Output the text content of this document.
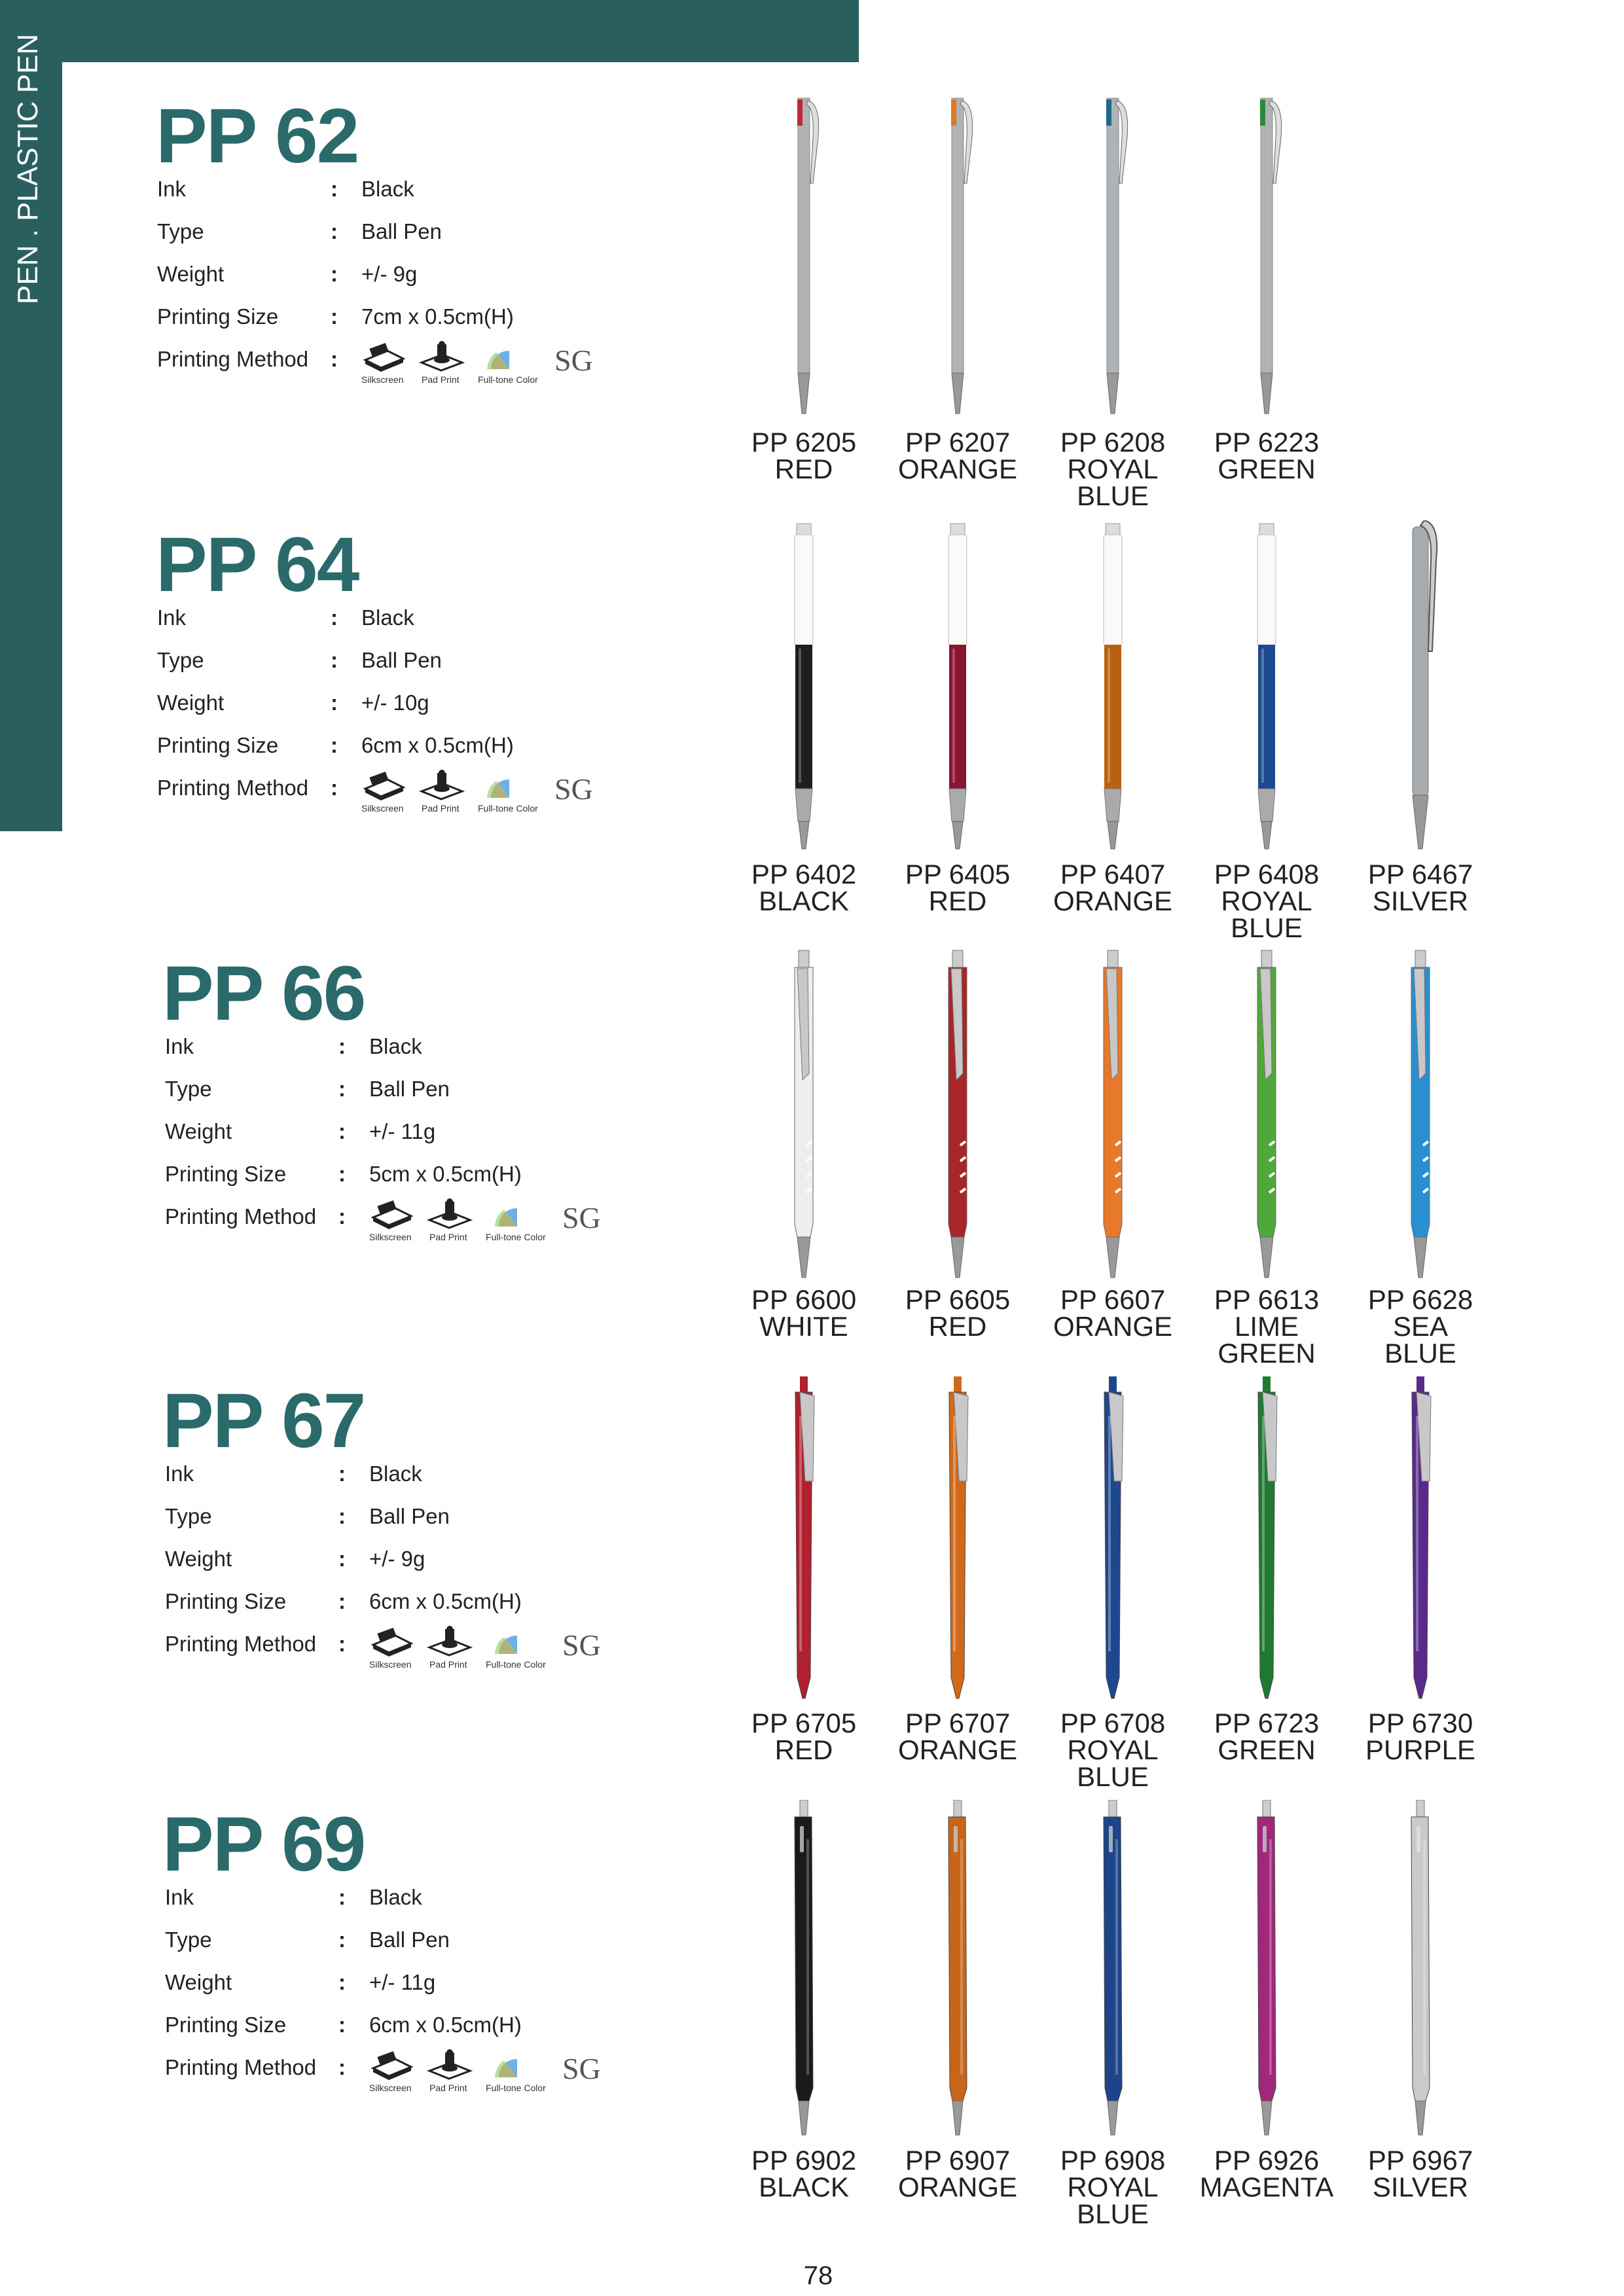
PEN . PLASTIC PEN PP 62
Ink	: Black
Type	: Ball Pen
Weight	: +/- 9g
Printing Size	: 7cm x 0.5cm(H)
Printing Method	:
Silkscreen Pad Print Full-tone Color
SG
PP 64
Ink	: Black
Type	: Ball Pen
Weight	: +/- 10g
Printing Size	: 6cm x 0.5cm(H)
Printing Method	:
Silkscreen Pad Print Full-tone Color
SG
PP 66
Ink	: Black
Type	: Ball Pen
Weight	: +/- 11g
Printing Size	: 5cm x 0.5cm(H)
Printing Method	:
Silkscreen Pad Print Full-tone Color
SG
PP 67
Ink	: Black
Type	: Ball Pen
Weight	: +/- 9g
Printing Size	: 6cm x 0.5cm(H)
Printing Method	:
Silkscreen Pad Print Full-tone Color
SG
PP 69
Ink	: Black
Type	: Ball Pen
Weight	: +/- 11g
Printing Size	: 6cm x 0.5cm(H)
Printing Method	:
Silkscreen Pad Print Full-tone Color
SG
78
PP 6205
RED
PP 6207
ORANGE
PP 6208
ROYAL
BLUE
PP 6223
GREEN
PP 6402
BLACK
PP 6405
RED
PP 6407
ORANGE
PP 6408
ROYAL
BLUE
PP 6467
SILVER
PP 6600
WHITE
PP 6605
RED
PP 6607
ORANGE
PP 6613
LIME
GREEN
PP 6628
SEA
BLUE
PP 6705
RED
PP 6707
ORANGE
PP 6708
ROYAL
BLUE
PP 6723
GREEN
PP 6730
PURPLE
PP 6902
BLACK
PP 6907
ORANGE
PP 6908
ROYAL
BLUE
PP 6926
MAGENTA
PP 6967
SILVER
